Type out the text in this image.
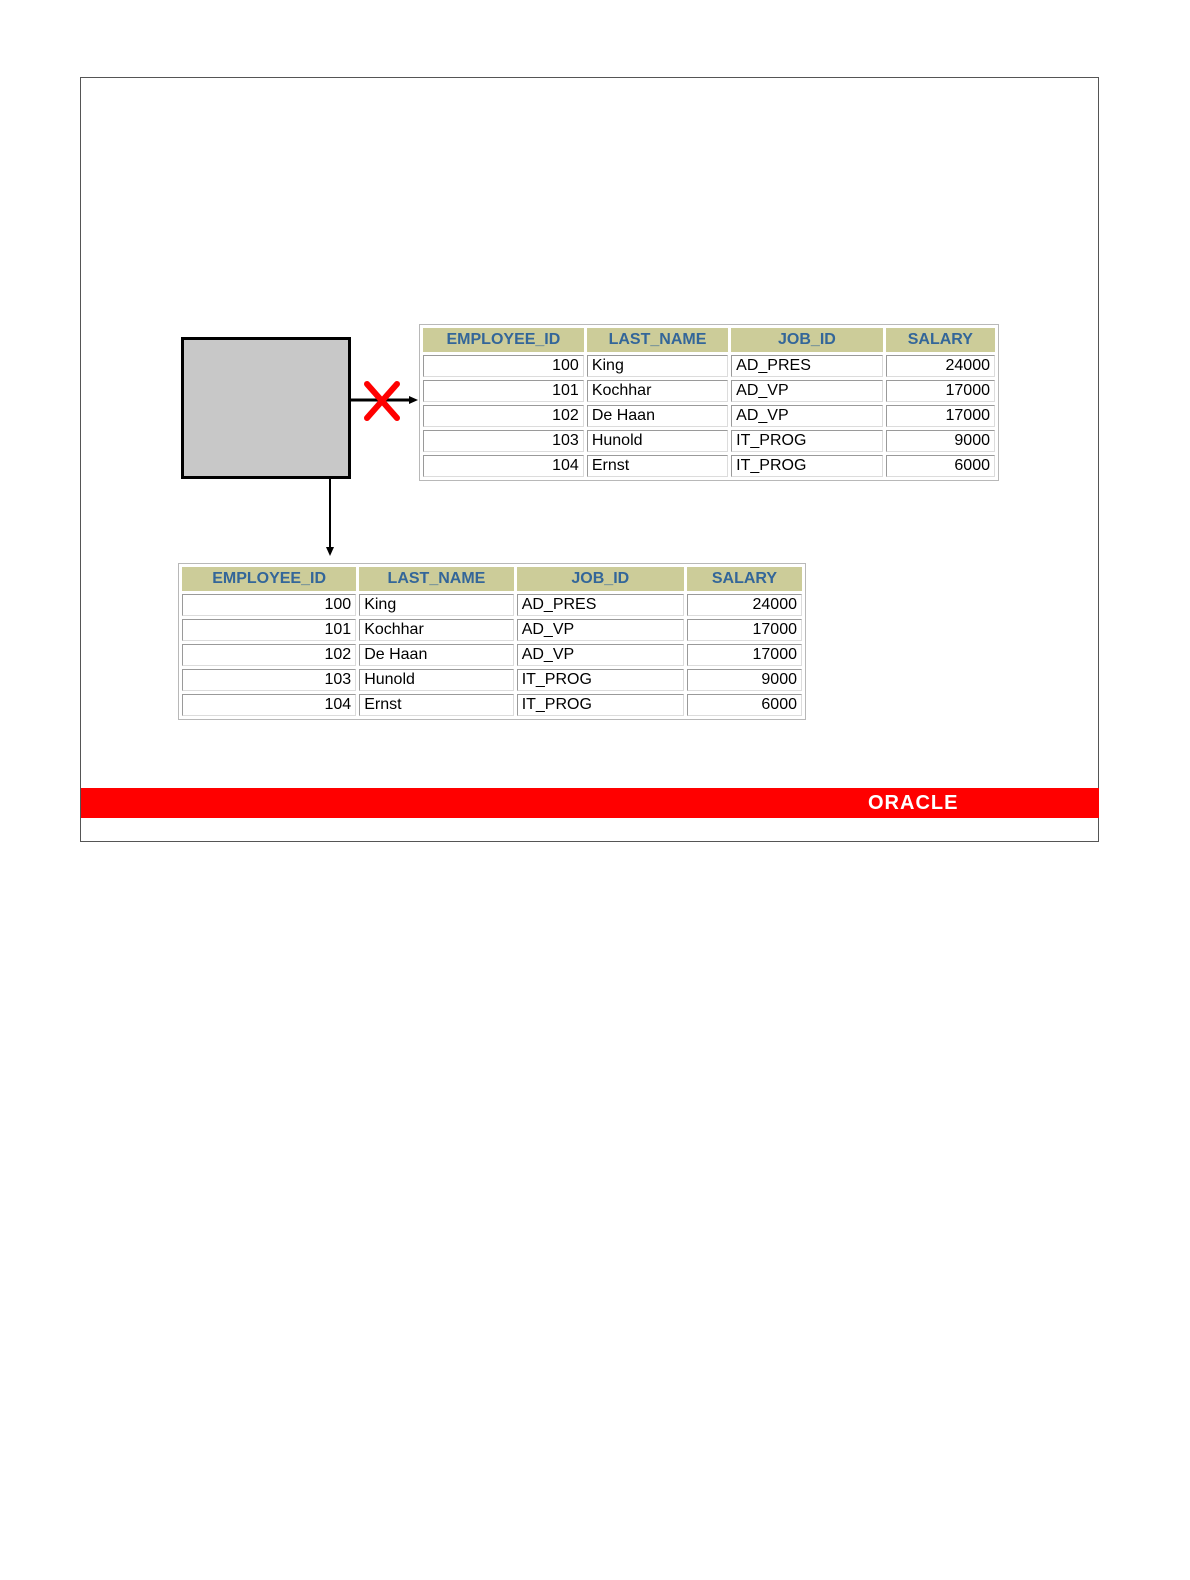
EMPLOYEE_ID	LAST_NAME	JOB_ID	SALARY
100	King	AD_PRES	24000
101	Kochhar	AD_VP	17000
102	De Haan	AD_VP	17000
103	Hunold	IT_PROG	9000
104	Ernst	IT_PROG	6000
EMPLOYEE_ID	LAST_NAME	JOB_ID	SALARY
100	King	AD_PRES	24000
101	Kochhar	AD_VP	17000
102	De Haan	AD_VP	17000
103	Hunold	IT_PROG	9000
104	Ernst	IT_PROG	6000
ORACLE
